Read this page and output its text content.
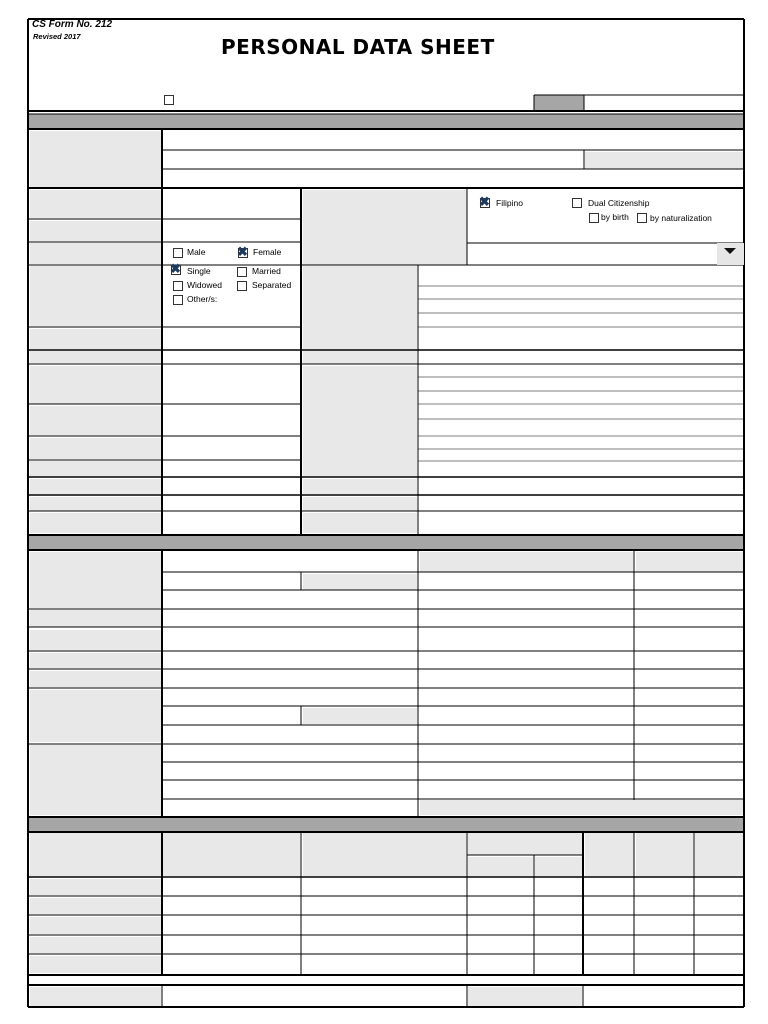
CS Form No. 212
Revised 2017	PERSONAL DATA SHEET
Male ✖ Female
✖ Single	Married
Widowed	Separated
Other/s:
✖ Filipino	Dual Citizenship
by birth by naturalization
